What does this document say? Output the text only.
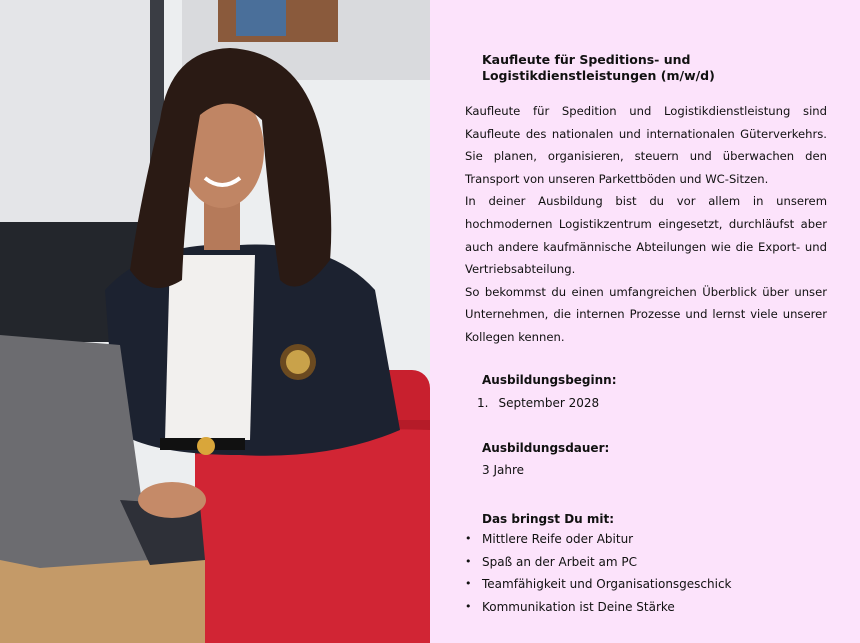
Kaufleute für Speditions- und Logistikdienstleistungen (m/w/d)

Kaufleute für Spedition und Logistikdienstleistung sind Kaufleute des nationalen und internationalen Güterverkehrs. Sie planen, organisieren, steuern und überwachen den Transport von unseren Parkettböden und WC-Sitzen.

In deiner Ausbildung bist du vor allem in unserem hochmodernen Logistikzentrum eingesetzt, durchläufst aber auch andere kaufmännische Abteilungen wie die Export- und Vertriebsabteilung.

So bekommst du einen umfangreichen Überblick über unser Unternehmen, die internen Prozesse und lernst viele unserer Kollegen kennen.

Ausbildungsbeginn:
1. September 2028
Ausbildungsdauer:
3 Jahre
Das bringst Du mit:
• Mittlere Reife oder Abitur
• Spaß an der Arbeit am PC
• Teamfähigkeit und Organisationsgeschick
• Kommunikation ist Deine Stärke
